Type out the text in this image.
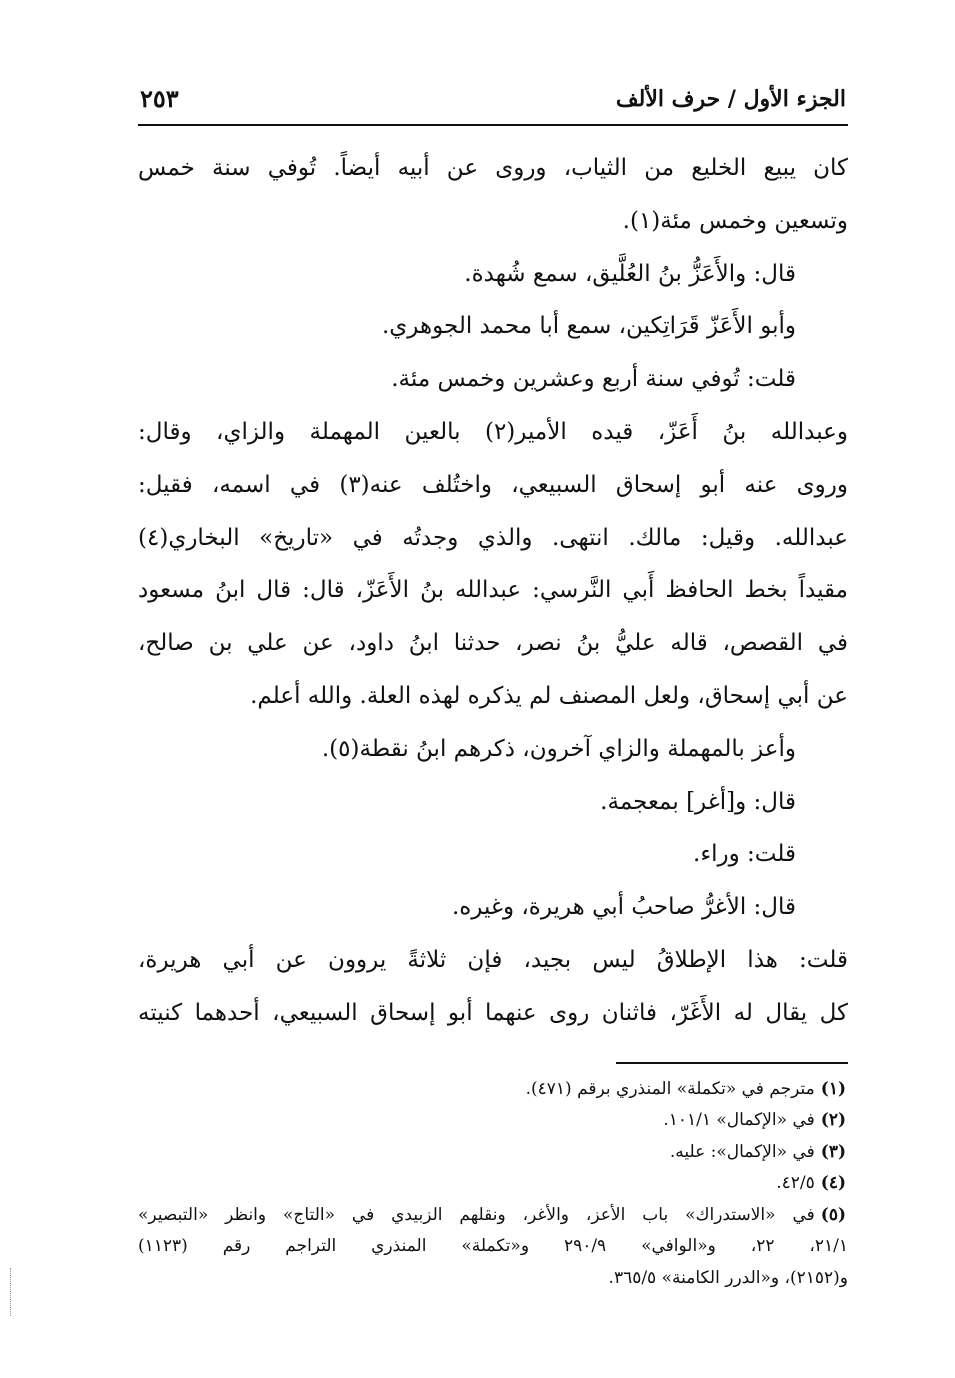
الجزء الأول / حرف الألف
٢٥٣
كان يبيع الخليع من الثياب، وروى عن أبيه أيضاً. تُوفي سنة خمس
وتسعين وخمس مئة(١).
قال: والأَعَزُّ بنُ العُلَّيق، سمع شُهدة.
وأبو الأَعَزّ قَرَاتِكين، سمع أبا محمد الجوهري.
قلت: تُوفي سنة أربع وعشرين وخمس مئة.
وعبدالله بنُ أَعَزّ، قيده الأمير(٢) بالعين المهملة والزاي، وقال:
وروى عنه أبو إسحاق السبيعي، واختُلف عنه(٣) في اسمه، فقيل:
عبدالله. وقيل: مالك. انتهى. والذي وجدتُه في «تاريخ» البخاري(٤)
مقيداً بخط الحافظ أَبي النَّرسي: عبدالله بنُ الأَعَزّ، قال: قال ابنُ مسعود
في القصص، قاله عليُّ بنُ نصر، حدثنا ابنُ داود، عن علي بن صالح،
عن أبي إسحاق، ولعل المصنف لم يذكره لهذه العلة. والله أعلم.
وأعز بالمهملة والزاي آخرون، ذكرهم ابنُ نقطة(٥).
قال: و[أغر] بمعجمة.
قلت: وراء.
قال: الأغرُّ صاحبُ أبي هريرة، وغيره.
قلت: هذا الإطلاقُ ليس بجيد، فإن ثلاثةً يروون عن أبي هريرة،
كل يقال له الأَغَرّ، فاثنان روى عنهما أبو إسحاق السبيعي، أحدهما كنيته
(١)مترجم في «تكملة» المنذري برقم (٤٧١).
(٢)في «الإكمال» ١٠١/١.
(٣)في «الإكمال»: عليه.
(٤)٤٢/٥.
(٥)في «الاستدراك» باب الأعز، والأغر، ونقلهم الزبيدي في «التاج» وانظر «التبصير»
٢١/١، ٢٢، و«الوافي» ٢٩٠/٩ و«تكملة» المنذري التراجم رقم (١١٢٣)
و(٢١٥٢)، و«الدرر الكامنة» ٣٦٥/٥.
